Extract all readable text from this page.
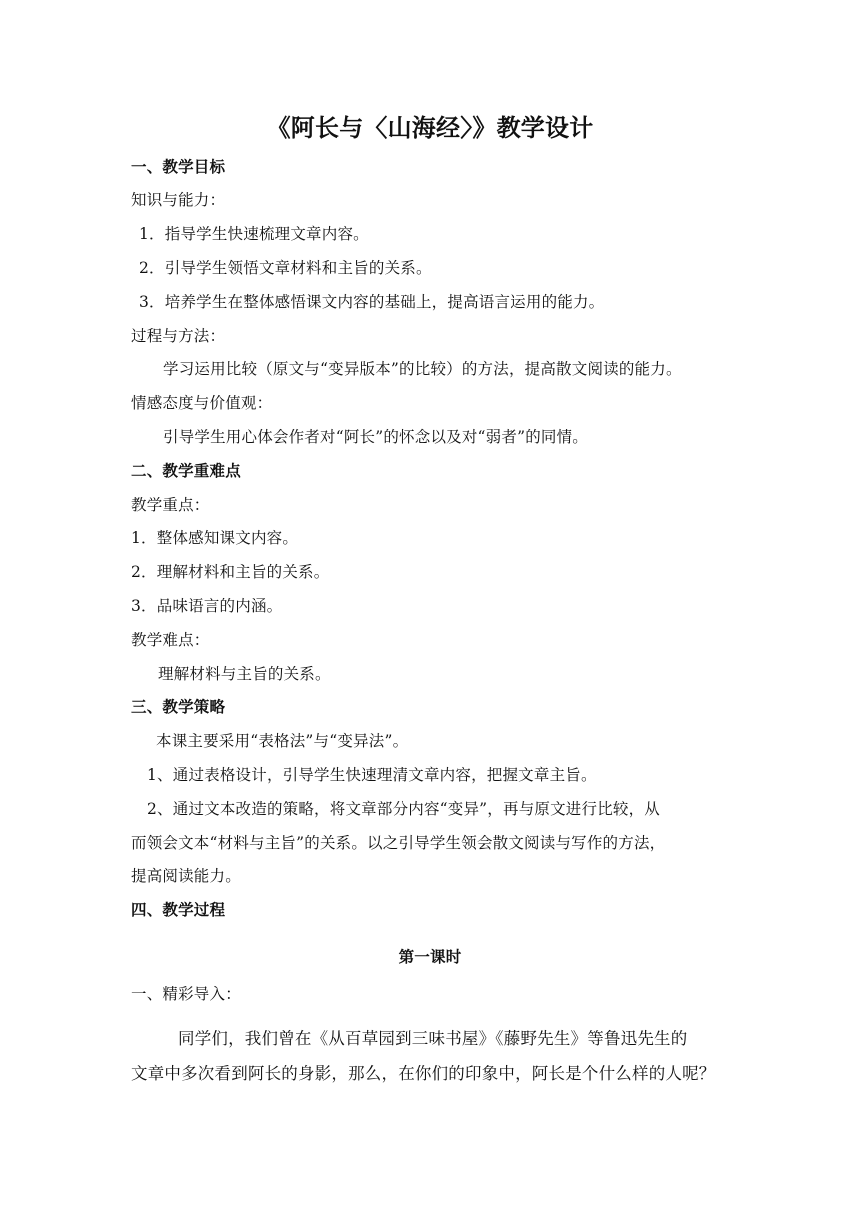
《阿长与〈山海经〉》教学设计
一、教学目标
知识与能力：
1．指导学生快速梳理文章内容。
2．引导学生领悟文章材料和主旨的关系。
3．培养学生在整体感悟课文内容的基础上，提高语言运用的能力。
过程与方法：
学习运用比较（原文与“变异版本”的比较）的方法，提高散文阅读的能力。
情感态度与价值观：
引导学生用心体会作者对“阿长”的怀念以及对“弱者”的同情。
二、教学重难点
教学重点：
1．整体感知课文内容。
2．理解材料和主旨的关系。
3．品味语言的内涵。
教学难点：
理解材料与主旨的关系。
三、教学策略
本课主要采用“表格法”与“变异法”。
1、通过表格设计，引导学生快速理清文章内容，把握文章主旨。
2、通过文本改造的策略，将文章部分内容“变异”，再与原文进行比较，从
而领会文本“材料与主旨”的关系。以之引导学生领会散文阅读与写作的方法，
提高阅读能力。
四、教学过程
第一课时
一、精彩导入：
同学们，我们曾在《从百草园到三味书屋》《藤野先生》等鲁迅先生的
文章中多次看到阿长的身影，那么，在你们的印象中，阿长是个什么样的人呢？
